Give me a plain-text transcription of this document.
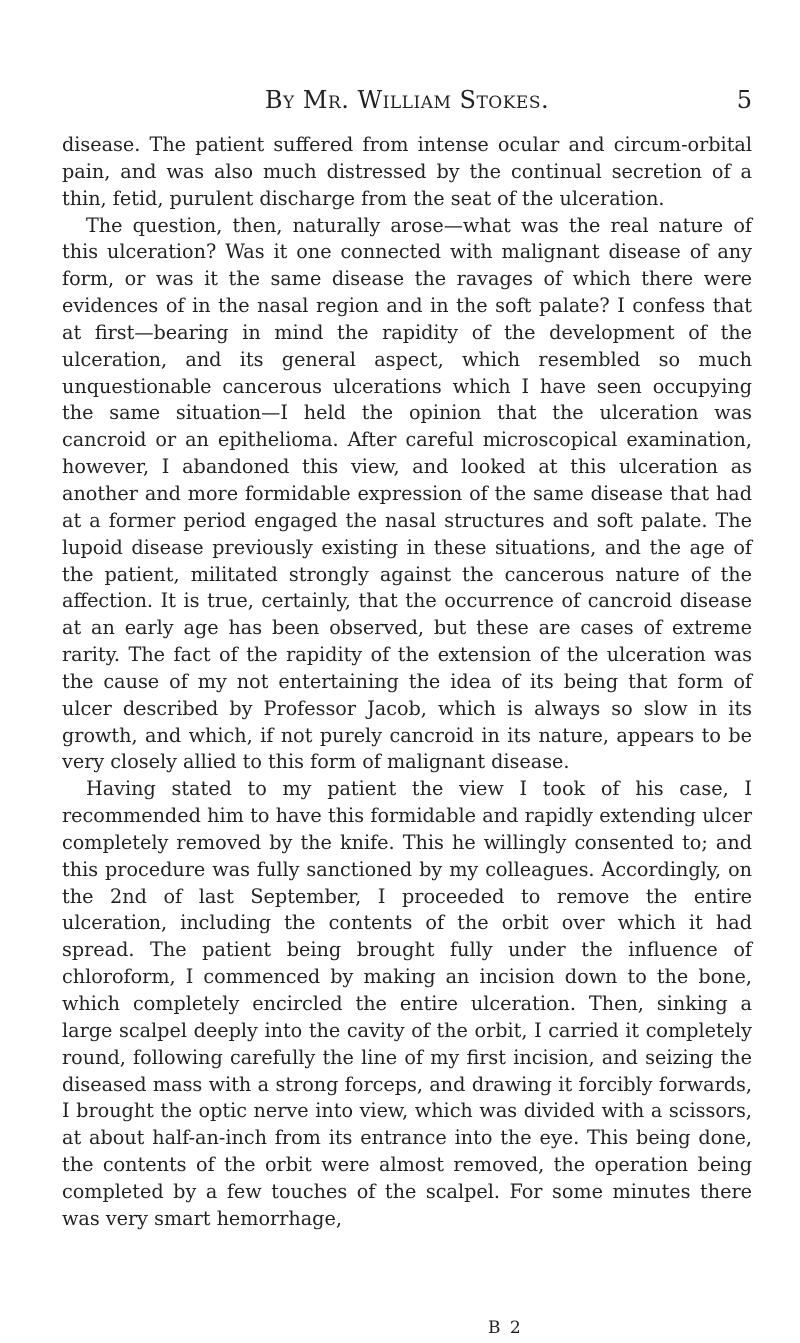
By Mr. William Stokes.	5

disease. The patient suffered from intense ocular and circum-orbital pain, and was also much distressed by the continual secretion of a thin, fetid, purulent discharge from the seat of the ulceration.

The question, then, naturally arose—what was the real nature of this ulceration? Was it one connected with malignant disease of any form, or was it the same disease the ravages of which there were evidences of in the nasal region and in the soft palate? I confess that at first—bearing in mind the rapidity of the development of the ulceration, and its general aspect, which resembled so much unquestionable cancerous ulcerations which I have seen occupying the same situation—I held the opinion that the ulceration was cancroid or an epithelioma. After careful microscopical examination, however, I abandoned this view, and looked at this ulceration as another and more formidable expression of the same disease that had at a former period engaged the nasal structures and soft palate. The lupoid disease previously existing in these situations, and the age of the patient, militated strongly against the cancerous nature of the affection. It is true, certainly, that the occurrence of cancroid disease at an early age has been observed, but these are cases of extreme rarity. The fact of the rapidity of the extension of the ulceration was the cause of my not entertaining the idea of its being that form of ulcer described by Professor Jacob, which is always so slow in its growth, and which, if not purely cancroid in its nature, appears to be very closely allied to this form of malignant disease.

Having stated to my patient the view I took of his case, I recommended him to have this formidable and rapidly extending ulcer completely removed by the knife. This he willingly consented to; and this procedure was fully sanctioned by my colleagues. Accordingly, on the 2nd of last September, I proceeded to remove the entire ulceration, including the contents of the orbit over which it had spread. The patient being brought fully under the influence of chloroform, I commenced by making an incision down to the bone, which completely encircled the entire ulceration. Then, sinking a large scalpel deeply into the cavity of the orbit, I carried it completely round, following carefully the line of my first incision, and seizing the diseased mass with a strong forceps, and drawing it forcibly forwards, I brought the optic nerve into view, which was divided with a scissors, at about half-an-inch from its entrance into the eye. This being done, the contents of the orbit were almost removed, the operation being completed by a few touches of the scalpel. For some minutes there was very smart hemorrhage,

B 2
